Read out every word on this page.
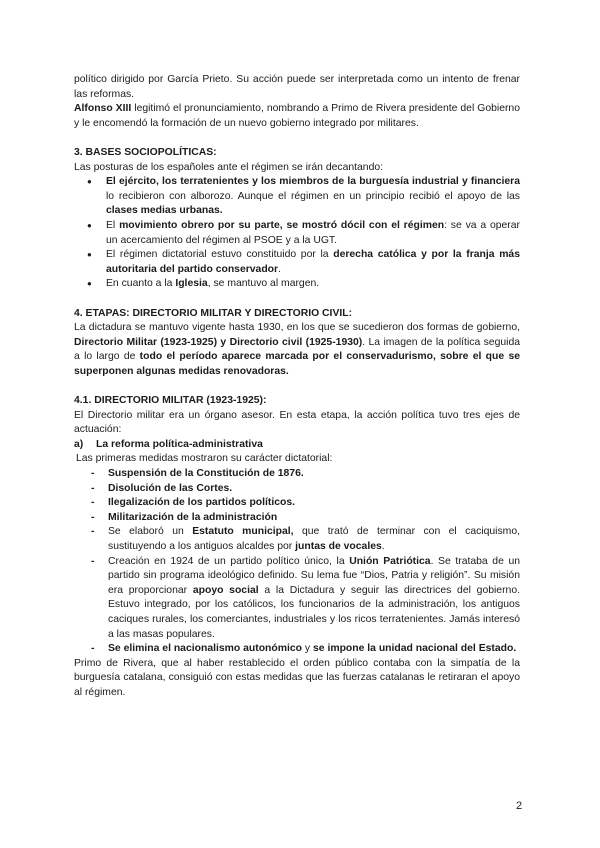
político dirigido por García Prieto. Su acción puede ser interpretada como un intento de frenar las reformas.

Alfonso XIII legitimó el pronunciamiento, nombrando a Primo de Rivera presidente del Gobierno y le encomendó la formación de un nuevo gobierno integrado por militares.

3. BASES SOCIOPOLÍTICAS:

Las posturas de los españoles ante el régimen se irán decantando:

● El ejército, los terratenientes y los miembros de la burguesía industrial y financiera lo recibieron con alborozo. Aunque el régimen en un principio recibió el apoyo de las clases medias urbanas.
● El movimiento obrero por su parte, se mostró dócil con el régimen: se va a operar un acercamiento del régimen al PSOE y a la UGT.
● El régimen dictatorial estuvo constituido por la derecha católica y por la franja más autoritaria del partido conservador.
● En cuanto a la Iglesia, se mantuvo al margen.

4. ETAPAS: DIRECTORIO MILITAR Y DIRECTORIO CIVIL:

La dictadura se mantuvo vigente hasta 1930, en los que se sucedieron dos formas de gobierno, Directorio Militar (1923-1925) y Directorio civil (1925-1930). La imagen de la política seguida a lo largo de todo el período aparece marcada por el conservadurismo, sobre el que se superponen algunas medidas renovadoras.

4.1. DIRECTORIO MILITAR (1923-1925):

El Directorio militar era un órgano asesor. En esta etapa, la acción política tuvo tres ejes de actuación:

a) La reforma política-administrativa

Las primeras medidas mostraron su carácter dictatorial:

- Suspensión de la Constitución de 1876.
- Disolución de las Cortes.
- Ilegalización de los partidos políticos.
- Militarización de la administración
- Se elaboró un Estatuto municipal, que trató de terminar con el caciquismo, sustituyendo a los antiguos alcaldes por juntas de vocales.
- Creación en 1924 de un partido político único, la Unión Patriótica. Se trataba de un partido sin programa ideológico definido. Su lema fue “Dios, Patria y religión”. Su misión era proporcionar apoyo social a la Dictadura y seguir las directrices del gobierno. Estuvo integrado, por los católicos, los funcionarios de la administración, los antiguos caciques rurales, los comerciantes, industriales y los ricos terratenientes. Jamás interesó a las masas populares.
- Se elimina el nacionalismo autonómico y se impone la unidad nacional del Estado.

Primo de Rivera, que al haber restablecido el orden público contaba con la simpatía de la burguesía catalana, consiguió con estas medidas que las fuerzas catalanas le retiraran el apoyo al régimen.

2
